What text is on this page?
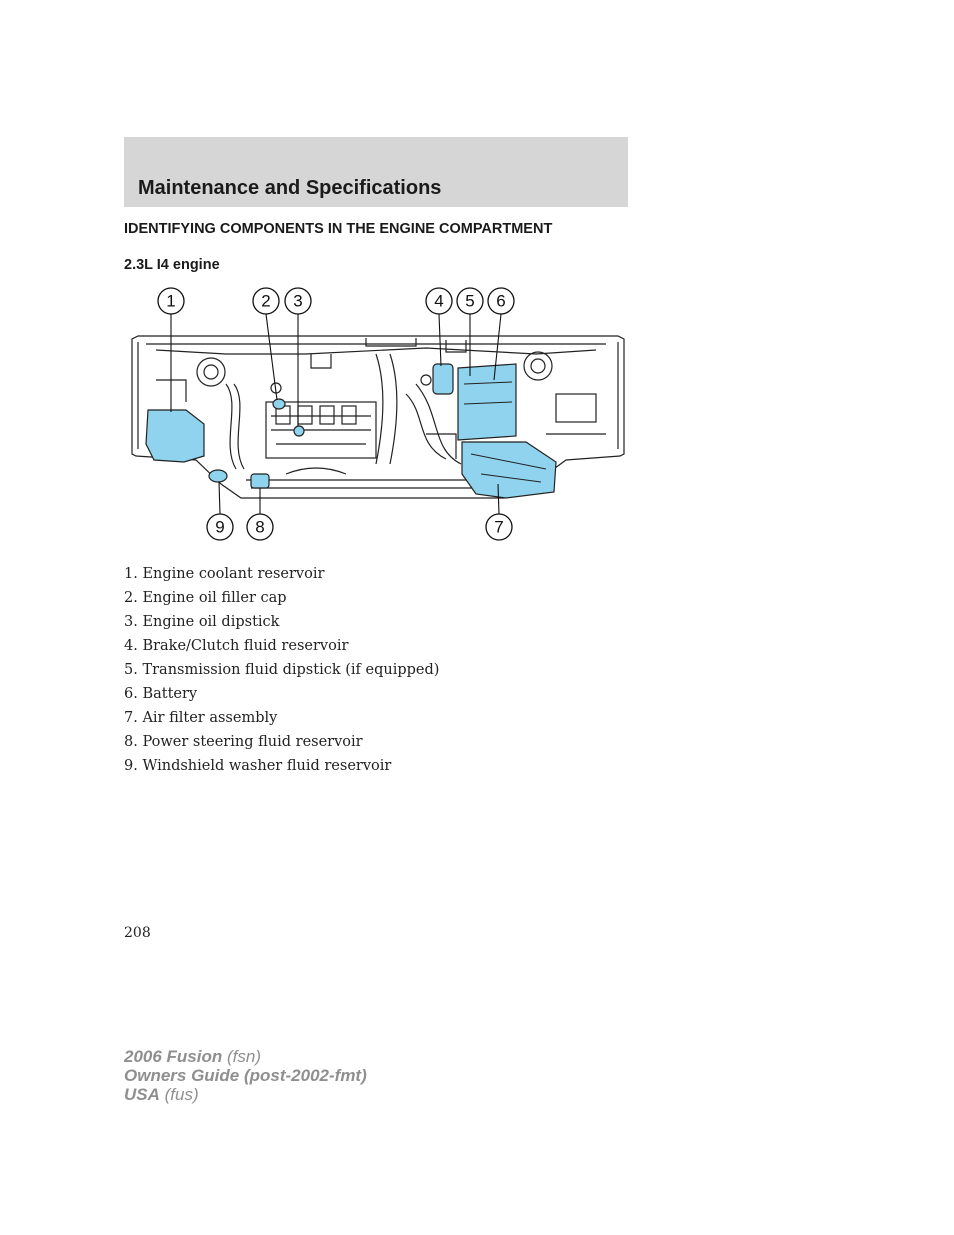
Maintenance and Specifications
IDENTIFYING COMPONENTS IN THE ENGINE COMPARTMENT
2.3L I4 engine
1	2 3	4 5 6
9 8	7
1. Engine coolant reservoir
2. Engine oil filler cap
3. Engine oil dipstick
4. Brake/Clutch fluid reservoir
5. Transmission fluid dipstick (if equipped)
6. Battery
7. Air filter assembly
8. Power steering fluid reservoir
9. Windshield washer fluid reservoir
208
2006 Fusion (fsn)
Owners Guide (post-2002-fmt)
USA (fus)
